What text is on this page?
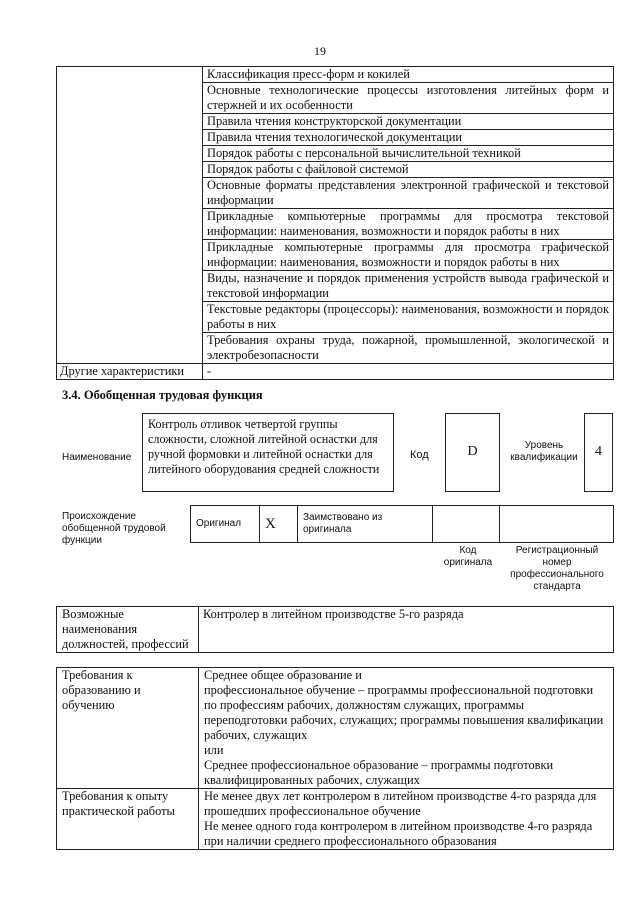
19
	Классификация пресс-форм и кокилей
	Основные технологические процессы изготовления литейных форм и стержней и их особенности
	Правила чтения конструкторской документации
	Правила чтения технологической документации
	Порядок работы с персональной вычислительной техникой
	Порядок работы с файловой системой
	Основные форматы представления электронной графической и текстовой информации
	Прикладные компьютерные программы для просмотра текстовой информации: наименования, возможности и порядок работы в них
	Прикладные компьютерные программы для просмотра графической информации: наименования, возможности и порядок работы в них
	Виды, назначение и порядок применения устройств вывода графической и текстовой информации
	Текстовые редакторы (процессоры): наименования, возможности и порядок работы в них
	Требования охраны труда, пожарной, промышленной, экологической и электробезопасности
Другие характеристики	-
3.4. Обобщенная трудовая функция
Наименование
Контроль отливок четвертой группы сложности, сложной литейной оснастки для ручной формовки и литейной оснастки для литейного оборудования средней сложности
Код	D	Уровень квалификации	4
Происхождение обобщенной трудовой функции
Оригинал	X	Заимствовано из оригинала		
Код оригинала
Регистрационный номер профессионального стандарта
Возможные наименования должностей, профессий	Контролер в литейном производстве 5-го разряда
Требования к образованию и обучению	Среднее общее образование и
профессиональное обучение – программы профессиональной подготовки по профессиям рабочих, должностям служащих, программы переподготовки рабочих, служащих; программы повышения квалификации рабочих, служащих
или
Среднее профессиональное образование – программы подготовки квалифицированных рабочих, служащих

Требования к опыту практической работы	Не менее двух лет контролером в литейном производстве 4-го разряда для прошедших профессиональное обучение
Не менее одного года контролером в литейном производстве 4-го разряда при наличии среднего профессионального образования
